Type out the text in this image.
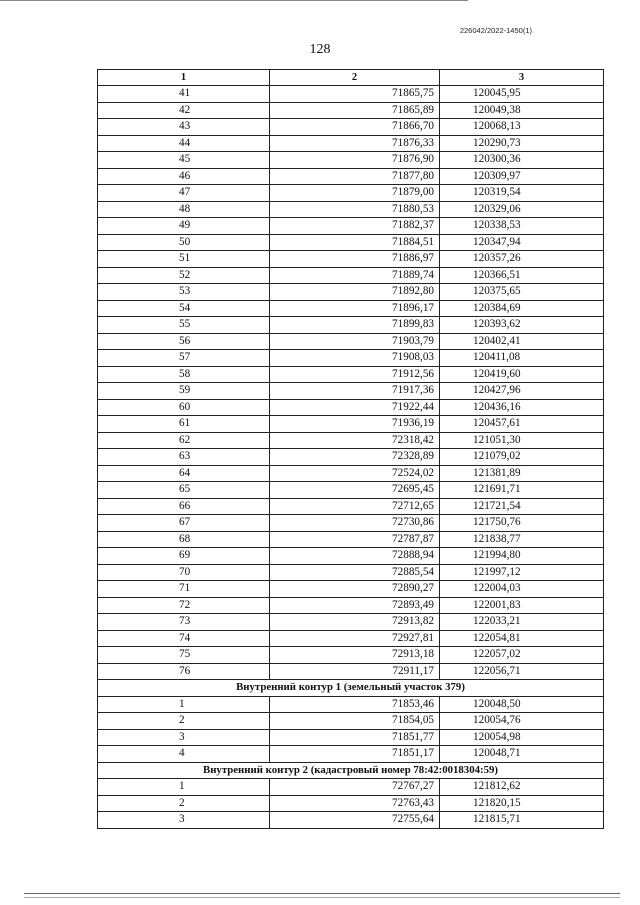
226042/2022-1450(1)
128
1	2	3
41	71865,75	120045,95
42	71865,89	120049,38
43	71866,70	120068,13
44	71876,33	120290,73
45	71876,90	120300,36
46	71877,80	120309,97
47	71879,00	120319,54
48	71880,53	120329,06
49	71882,37	120338,53
50	71884,51	120347,94
51	71886,97	120357,26
52	71889,74	120366,51
53	71892,80	120375,65
54	71896,17	120384,69
55	71899,83	120393,62
56	71903,79	120402,41
57	71908,03	120411,08
58	71912,56	120419,60
59	71917,36	120427,96
60	71922,44	120436,16
61	71936,19	120457,61
62	72318,42	121051,30
63	72328,89	121079,02
64	72524,02	121381,89
65	72695,45	121691,71
66	72712,65	121721,54
67	72730,86	121750,76
68	72787,87	121838,77
69	72888,94	121994,80
70	72885,54	121997,12
71	72890,27	122004,03
72	72893,49	122001,83
73	72913,82	122033,21
74	72927,81	122054,81
75	72913,18	122057,02
76	72911,17	122056,71
Внутренний контур 1 (земельный участок 379)		
1	71853,46	120048,50
2	71854,05	120054,76
3	71851,77	120054,98
4	71851,17	120048,71
Внутренний контур 2 (кадастровый номер 78:42:0018304:59)		
1	72767,27	121812,62
2	72763,43	121820,15
3	72755,64	121815,71
